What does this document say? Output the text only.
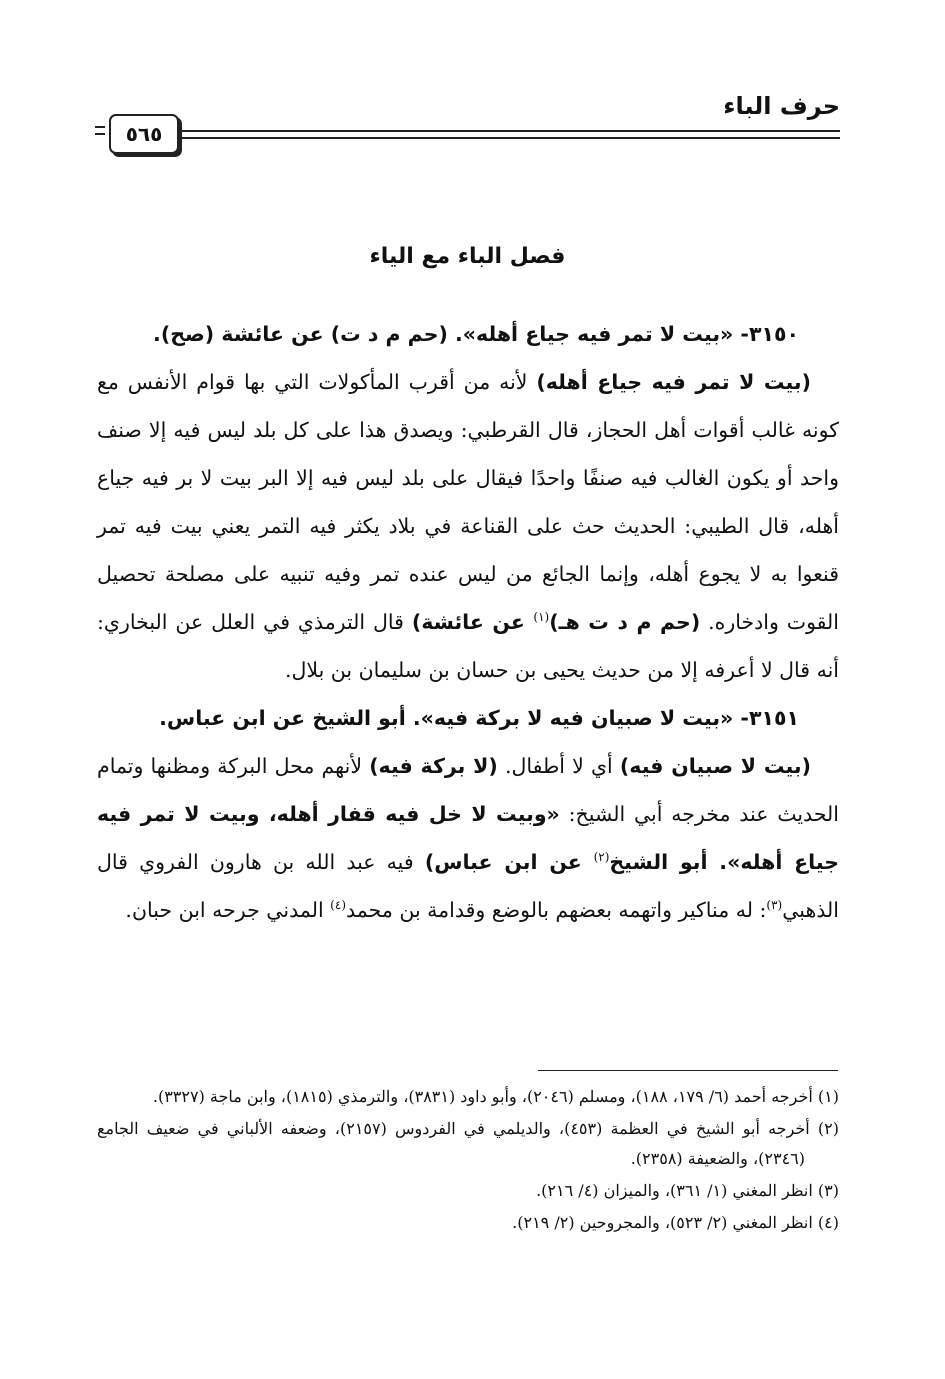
حرف الباء
٥٦٥
فصل الباء مع الياء

٣١٥٠- «بيت لا تمر فيه جياع أهله». (حم م د ت) عن عائشة (صح).

(بيت لا تمر فيه جياع أهله) لأنه من أقرب المأكولات التي بها قوام الأنفس مع كونه غالب أقوات أهل الحجاز، قال القرطبي: ويصدق هذا على كل بلد ليس فيه إلا صنف واحد أو يكون الغالب فيه صنفًا واحدًا فيقال على بلد ليس فيه إلا البر بيت لا بر فيه جياع أهله، قال الطيبي: الحديث حث على القناعة في بلاد يكثر فيه التمر يعني بيت فيه تمر قنعوا به لا يجوع أهله، وإنما الجائع من ليس عنده تمر وفيه تنبيه على مصلحة تحصيل القوت وادخاره. (حم م د ت هـ)$^{(١)}$ عن عائشة) قال الترمذي في العلل عن البخاري: أنه قال لا أعرفه إلا من حديث يحيى بن حسان بن سليمان بن بلال.

٣١٥١- «بيت لا صبيان فيه لا بركة فيه». أبو الشيخ عن ابن عباس.

(بيت لا صبيان فيه) أي لا أطفال. (لا بركة فيه) لأنهم محل البركة ومظنها وتمام الحديث عند مخرجه أبي الشيخ: «وبيت لا خل فيه قفار أهله، وبيت لا تمر فيه جياع أهله». أبو الشيخ$^{(٢)}$ عن ابن عباس) فيه عبد الله بن هارون الفروي قال الذهبي$^{(٣)}$: له مناكير واتهمه بعضهم بالوضع وقدامة بن محمد$^{(٤)}$ المدني جرحه ابن حبان.

(١) أخرجه أحمد (٦/ ١٧٩، ١٨٨)، ومسلم (٢٠٤٦)، وأبو داود (٣٨٣١)، والترمذي (١٨١٥)، وابن ماجة (٣٣٢٧).

(٢) أخرجه أبو الشيخ في العظمة (٤٥٣)، والديلمي في الفردوس (٢١٥٧)، وضعفه الألباني في ضعيف الجامع (٢٣٤٦)، والضعيفة (٢٣٥٨).

(٣) انظر المغني (١/ ٣٦١)، والميزان (٤/ ٢١٦).

(٤) انظر المغني (٢/ ٥٢٣)، والمجروحين (٢/ ٢١٩).
